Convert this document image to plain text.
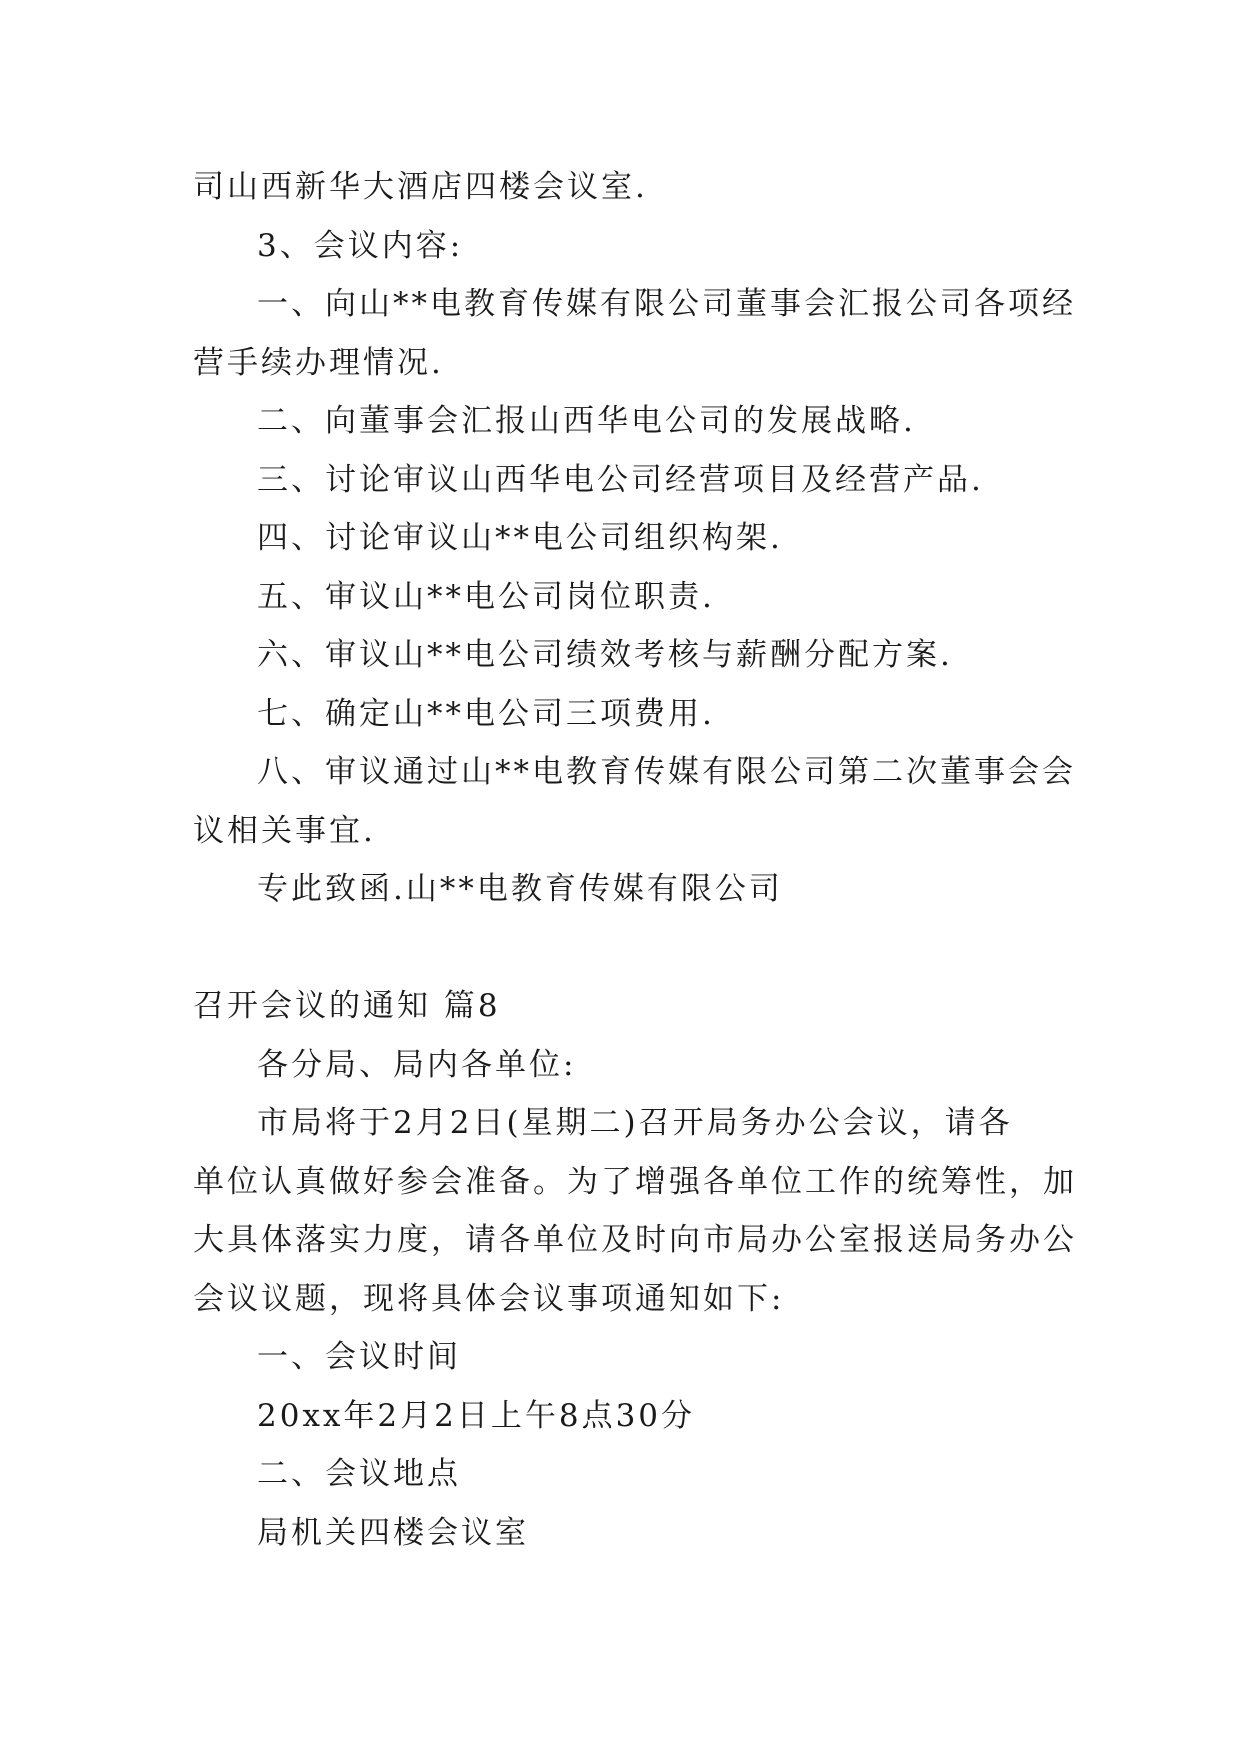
司山西新华大酒店四楼会议室.
3、会议内容:
一、向山**电教育传媒有限公司董事会汇报公司各项经
营手续办理情况.
二、向董事会汇报山西华电公司的发展战略.
三、讨论审议山西华电公司经营项目及经营产品.
四、讨论审议山**电公司组织构架.
五、审议山**电公司岗位职责.
六、审议山**电公司绩效考核与薪酬分配方案.
七、确定山**电公司三项费用.
八、审议通过山**电教育传媒有限公司第二次董事会会
议相关事宜.
专此致函.山**电教育传媒有限公司
召开会议的通知 篇8
各分局、局内各单位:
市局将于2月2日(星期二)召开局务办公会议，请各
单位认真做好参会准备。为了增强各单位工作的统筹性，加
大具体落实力度，请各单位及时向市局办公室报送局务办公
会议议题，现将具体会议事项通知如下:
一、会议时间
20xx年2月2日上午8点30分
二、会议地点
局机关四楼会议室
